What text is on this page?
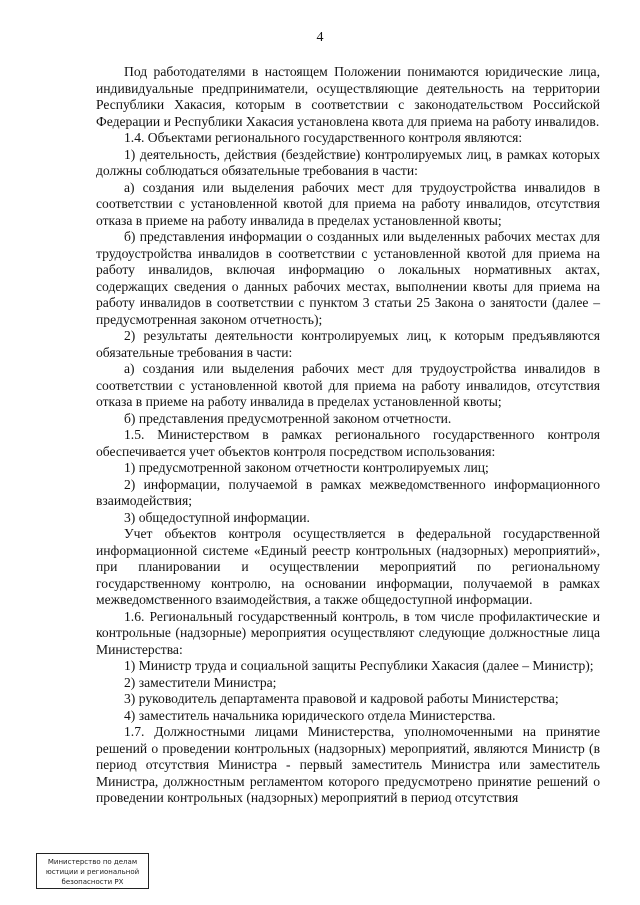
4

Под работодателями в настоящем Положении понимаются юридические лица, индивидуальные предприниматели, осуществляющие деятельность на территории Республики Хакасия, которым в соответствии с законодательством Российской Федерации и Республики Хакасия установлена квота для приема на работу инвалидов.

1.4. Объектами регионального государственного контроля являются:

1) деятельность, действия (бездействие) контролируемых лиц, в рамках которых должны соблюдаться обязательные требования в части:

а) создания или выделения рабочих мест для трудоустройства инвалидов в соответствии с установленной квотой для приема на работу инвалидов, отсутствия отказа в приеме на работу инвалида в пределах установленной квоты;

б) представления информации о созданных или выделенных рабочих местах для трудоустройства инвалидов в соответствии с установленной квотой для приема на работу инвалидов, включая информацию о локальных нормативных актах, содержащих сведения о данных рабочих местах, выполнении квоты для приема на работу инвалидов в соответствии с пунктом 3 статьи 25 Закона о занятости (далее – предусмотренная законом отчетность);

2) результаты деятельности контролируемых лиц, к которым предъявляются обязательные требования в части:

а) создания или выделения рабочих мест для трудоустройства инвалидов в соответствии с установленной квотой для приема на работу инвалидов, отсутствия отказа в приеме на работу инвалида в пределах установленной квоты;

б) представления предусмотренной законом отчетности.

1.5. Министерством в рамках регионального государственного контроля обеспечивается учет объектов контроля посредством использования:

1) предусмотренной законом отчетности контролируемых лиц;

2) информации, получаемой в рамках межведомственного информационного взаимодействия;

3) общедоступной информации.

Учет объектов контроля осуществляется в федеральной государственной информационной системе «Единый реестр контрольных (надзорных) мероприятий», при планировании и осуществлении мероприятий по региональному государственному контролю, на основании информации, получаемой в рамках межведомственного взаимодействия, а также общедоступной информации.

1.6. Региональный государственный контроль, в том числе профилактические и контрольные (надзорные) мероприятия осуществляют следующие должностные лица Министерства:

1) Министр труда и социальной защиты Республики Хакасия (далее – Министр);

2) заместители Министра;

3) руководитель департамента правовой и кадровой работы Министерства;

4) заместитель начальника юридического отдела Министерства.

1.7. Должностными лицами Министерства, уполномоченными на принятие решений о проведении контрольных (надзорных) мероприятий, являются Министр (в период отсутствия Министра - первый заместитель Министра или заместитель Министра, должностным регламентом которого предусмотрено принятие решений о проведении контрольных (надзорных) мероприятий в период отсутствия

Министерство по делам
юстиции и региональной
безопасности РХ
